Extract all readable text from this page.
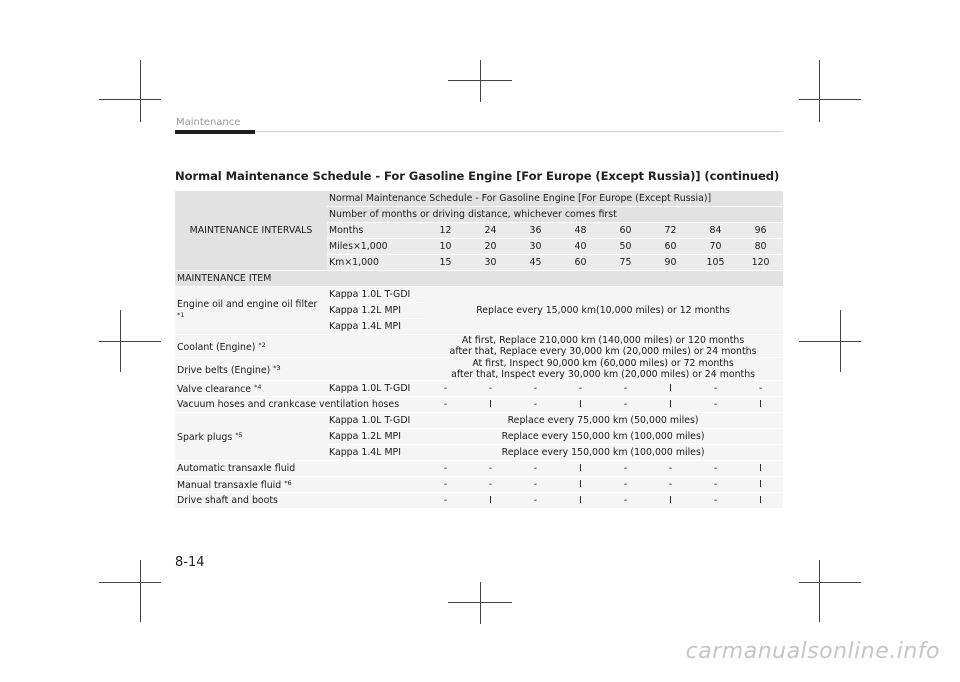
Maintenance
Normal Maintenance Schedule - For Gasoline Engine [For Europe (Except Russia)] (continued)
MAINTENANCE INTERVALS	Normal Maintenance Schedule - For Gasoline Engine [For Europe (Except Russia)]								
	Number of months or driving distance, whichever comes first								
	Months	12	24	36	48	60	72	84	96
	Miles×1,000	10	20	30	40	50	60	70	80
	Km×1,000	15	30	45	60	75	90	105	120
MAINTENANCE ITEM									
Engine oil and engine oil filter
$^{*1}$	Kappa 1.0L T-GDI	Replace every 15,000 km(10,000 miles) or 12 months							
	Kappa 1.2L MPI								
	Kappa 1.4L MPI								
Coolant (Engine) $^{*2}$		At first, Replace 210,000 km (140,000 miles) or 120 months
after that, Replace every 30,000 km (20,000 miles) or 24 months							
Drive belts (Engine) $^{*3}$		At first, Inspect 90,000 km (60,000 miles) or 72 months
after that, Inspect every 30,000 km (20,000 miles) or 24 months							
Valve clearance $^{*4}$	Kappa 1.0L T-GDI	-	-	-	-	-	I	-	-
Vacuum hoses and crankcase ventilation hoses		-	I	-	I	-	I	-	I
Spark plugs $^{*5}$	Kappa 1.0L T-GDI	Replace every 75,000 km (50,000 miles)							
	Kappa 1.2L MPI	Replace every 150,000 km (100,000 miles)							
	Kappa 1.4L MPI	Replace every 150,000 km (100,000 miles)							
Automatic transaxle fluid		-	-	-	I	-	-	-	I
Manual transaxle fluid $^{*6}$		-	-	-	I	-	-	-	I
Drive shaft and boots		-	I	-	I	-	I	-	I
8-14
carmanualsonline.info
